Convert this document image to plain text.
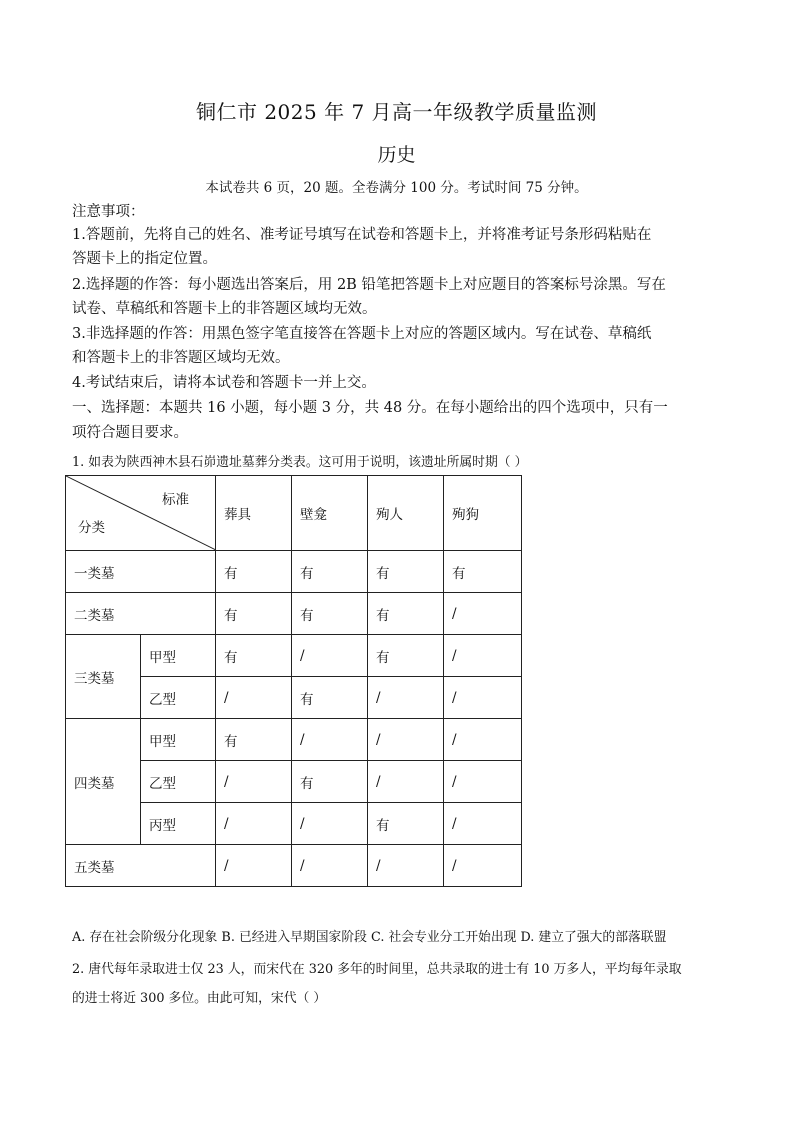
铜仁市 2025 年 7 月高一年级教学质量监测
历史
本试卷共 6 页，20 题。全卷满分 100 分。考试时间 75 分钟。
注意事项：
1.答题前，先将自己的姓名、准考证号填写在试卷和答题卡上，并将准考证号条形码粘贴在
答题卡上的指定位置。
2.选择题的作答：每小题选出答案后，用 2B 铅笔把答题卡上对应题目的答案标号涂黑。写在
试卷、草稿纸和答题卡上的非答题区域均无效。
3.非选择题的作答：用黑色签字笔直接答在答题卡上对应的答题区域内。写在试卷、草稿纸
和答题卡上的非答题区域均无效。
4.考试结束后，请将本试卷和答题卡一并上交。
一、选择题：本题共 16 小题，每小题 3 分，共 48 分。在每小题给出的四个选项中，只有一
项符合题目要求。
1. 如表为陕西神木县石峁遗址墓葬分类表。这可用于说明，该遗址所属时期（ ）
标准
分类		葬具	壁龛	殉人	殉狗
一类墓		有	有	有	有
二类墓		有	有	有	/
三类墓	甲型	有	/	有	/
	乙型	/	有	/	/
四类墓	甲型	有	/	/	/
	乙型	/	有	/	/
	丙型	/	/	有	/
五类墓		/	/	/	/
A. 存在社会阶级分化现象 B. 已经进入早期国家阶段 C. 社会专业分工开始出现 D. 建立了强大的部落联盟
2. 唐代每年录取进士仅 23 人，而宋代在 320 多年的时间里，总共录取的进士有 10 万多人，平均每年录取
的进士将近 300 多位。由此可知，宋代（ ）
